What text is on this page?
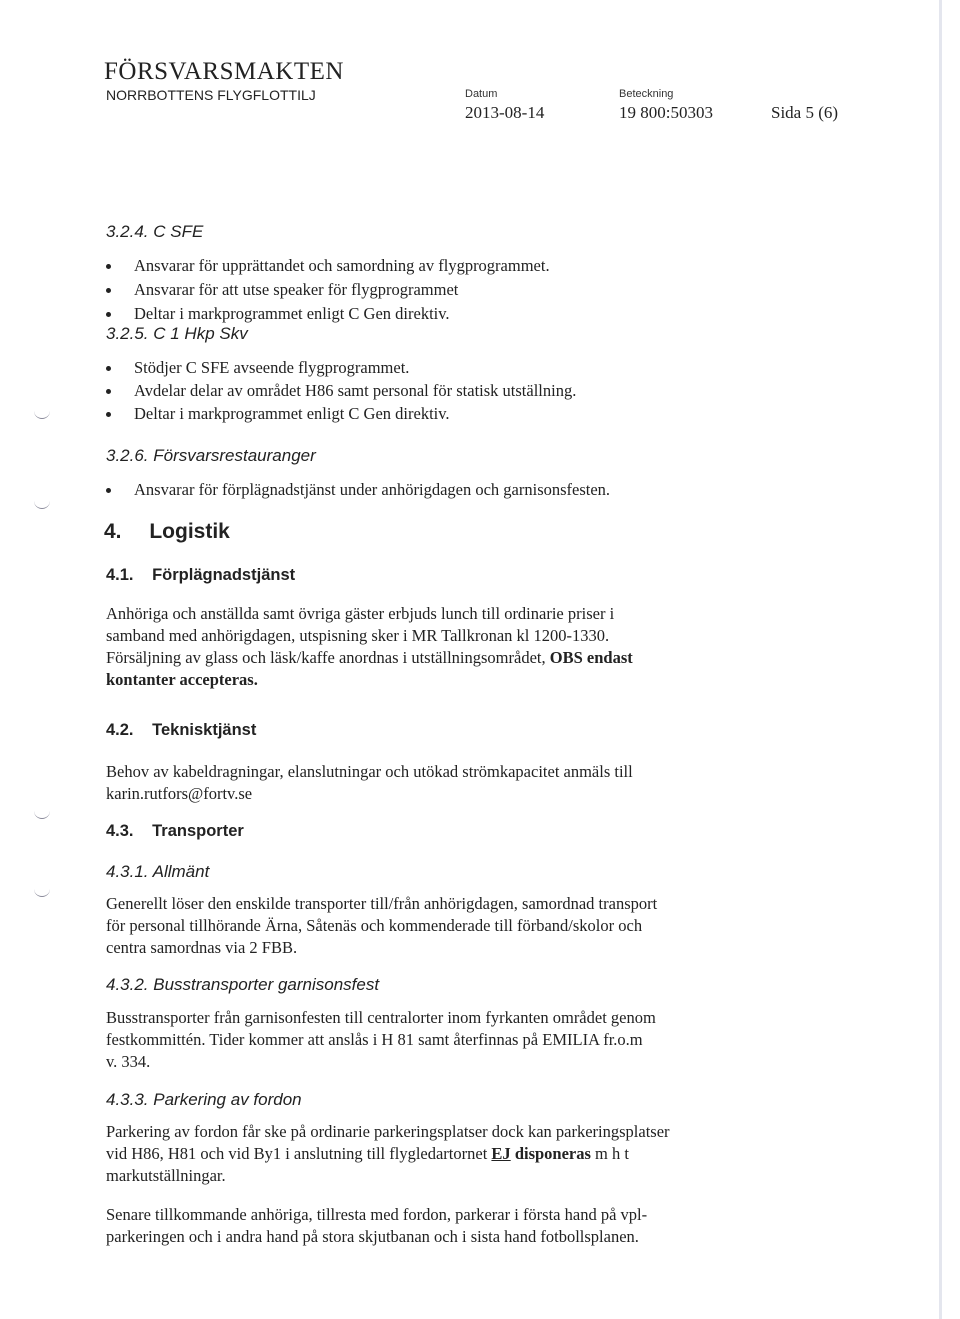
FÖRSVARSMAKTEN
NORRBOTTENS FLYGFLOTTILJ	Datum
2013-08-14
Beteckning
19 800:50303	Sida 5 (6)
3.2.4. C SFE
Ansvarar för upprättandet och samordning av flygprogrammet.
Ansvarar för att utse speaker för flygprogrammet
Deltar i markprogrammet enligt C Gen direktiv.
3.2.5. C 1 Hkp Skv
Stödjer C SFE avseende flygprogrammet.
Avdelar delar av området H86 samt personal för statisk utställning.
Deltar i markprogrammet enligt C Gen direktiv.
3.2.6. Försvarsrestauranger
Ansvarar för förplägnadstjänst under anhörigdagen och garnisonsfesten.
4. Logistik
4.1. Förplägnadstjänst
Anhöriga och anställda samt övriga gäster erbjuds lunch till ordinarie priser i
samband med anhörigdagen, utspisning sker i MR Tallkronan kl 1200-1330.
Försäljning av glass och läsk/kaffe anordnas i utställningsområdet, OBS endast
kontanter accepteras.
4.2. Teknisktjänst
Behov av kabeldragningar, elanslutningar och utökad strömkapacitet anmäls till
karin.rutfors@fortv.se
4.3. Transporter
4.3.1. Allmänt
Generellt löser den enskilde transporter till/från anhörigdagen, samordnad transport
för personal tillhörande Ärna, Såtenäs och kommenderade till förband/skolor och
centra samordnas via 2 FBB.
4.3.2. Busstransporter garnisonsfest
Busstransporter från garnisonfesten till centralorter inom fyrkanten området genom
festkommittén. Tider kommer att anslås i H 81 samt återfinnas på EMILIA fr.o.m
v. 334.
4.3.3. Parkering av fordon
Parkering av fordon får ske på ordinarie parkeringsplatser dock kan parkeringsplatser
vid H86, H81 och vid By1 i anslutning till flygledartornet EJ disponeras m h t
markutställningar.
Senare tillkommande anhöriga, tillresta med fordon, parkerar i första hand på vpl-
parkeringen och i andra hand på stora skjutbanan och i sista hand fotbollsplanen.
